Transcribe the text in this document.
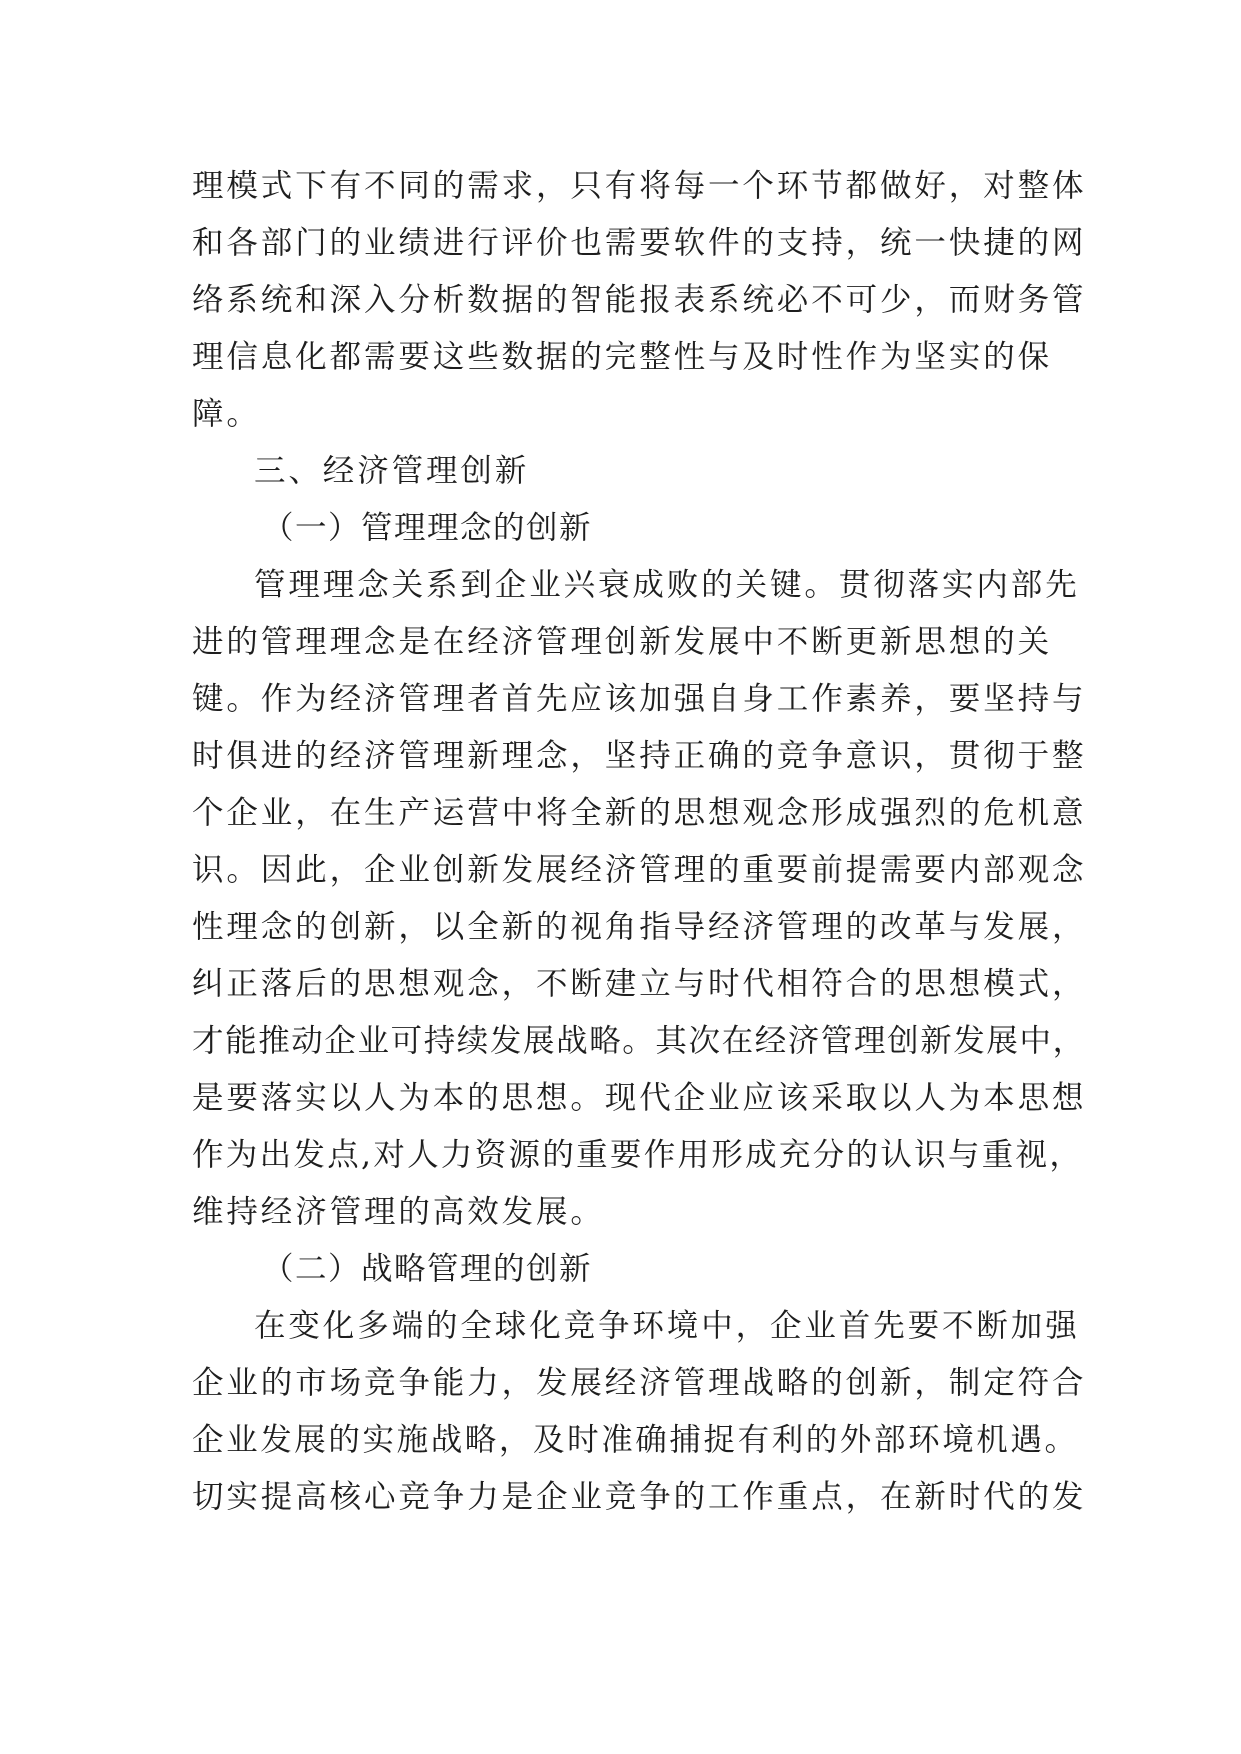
理模式下有不同的需求，只有将每一个环节都做好，对整体
和各部门的业绩进行评价也需要软件的支持，统一快捷的网
络系统和深入分析数据的智能报表系统必不可少，而财务管
理信息化都需要这些数据的完整性与及时性作为坚实的保
障。
三、经济管理创新
（一）管理理念的创新
管理理念关系到企业兴衰成败的关键。贯彻落实内部先
进的管理理念是在经济管理创新发展中不断更新思想的关
键。作为经济管理者首先应该加强自身工作素养，要坚持与
时俱进的经济管理新理念，坚持正确的竞争意识，贯彻于整
个企业，在生产运营中将全新的思想观念形成强烈的危机意
识。因此，企业创新发展经济管理的重要前提需要内部观念
性理念的创新，以全新的视角指导经济管理的改革与发展，
纠正落后的思想观念，不断建立与时代相符合的思想模式，
才能推动企业可持续发展战略。其次在经济管理创新发展中，
是要落实以人为本的思想。现代企业应该采取以人为本思想
作为出发点,对人力资源的重要作用形成充分的认识与重视，
维持经济管理的高效发展。
（二）战略管理的创新
在变化多端的全球化竞争环境中，企业首先要不断加强
企业的市场竞争能力，发展经济管理战略的创新，制定符合
企业发展的实施战略，及时准确捕捉有利的外部环境机遇。
切实提高核心竞争力是企业竞争的工作重点，在新时代的发
